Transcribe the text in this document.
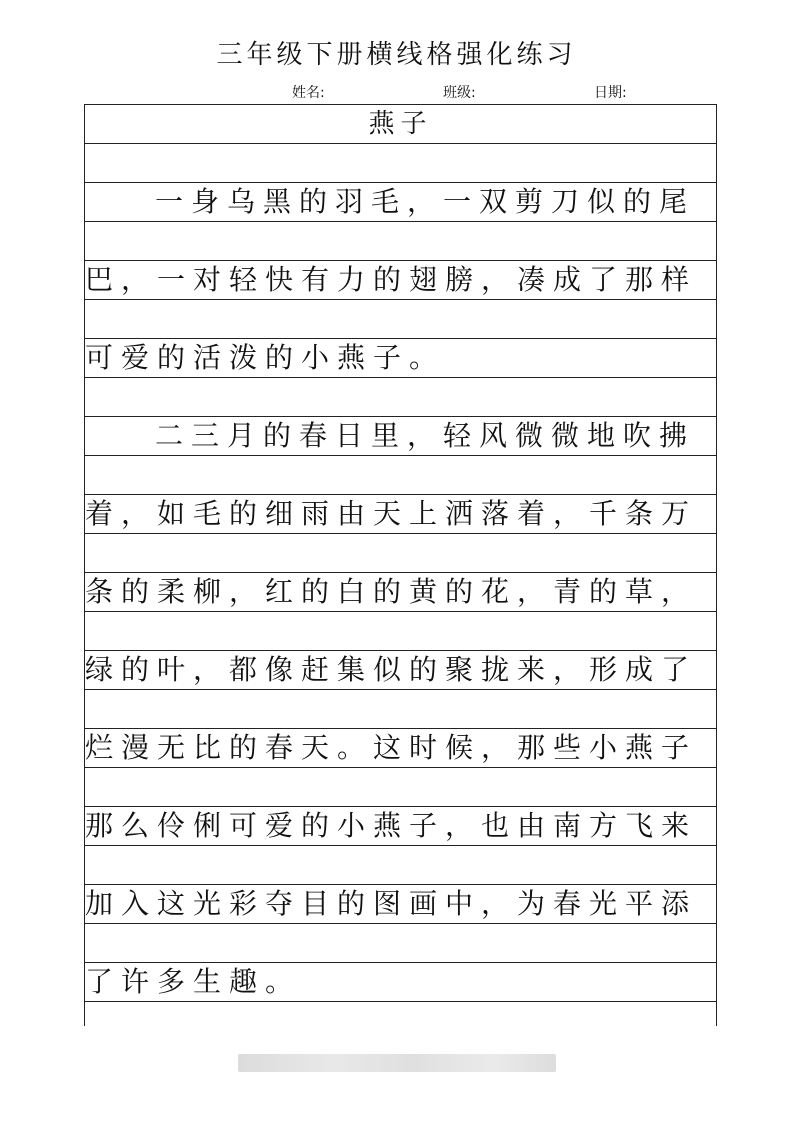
三年级下册横线格强化练习
姓名:	班级:	日期:
燕子
一身乌黑的羽毛，一双剪刀似的尾
巴，一对轻快有力的翅膀，凑成了那样
可爱的活泼的小燕子。
二三月的春日里，轻风微微地吹拂
着，如毛的细雨由天上洒落着，千条万
条的柔柳，红的白的黄的花，青的草，
绿的叶，都像赶集似的聚拢来，形成了
烂漫无比的春天。这时候，那些小燕子
那么伶俐可爱的小燕子，也由南方飞来
加入这光彩夺目的图画中，为春光平添
了许多生趣。
